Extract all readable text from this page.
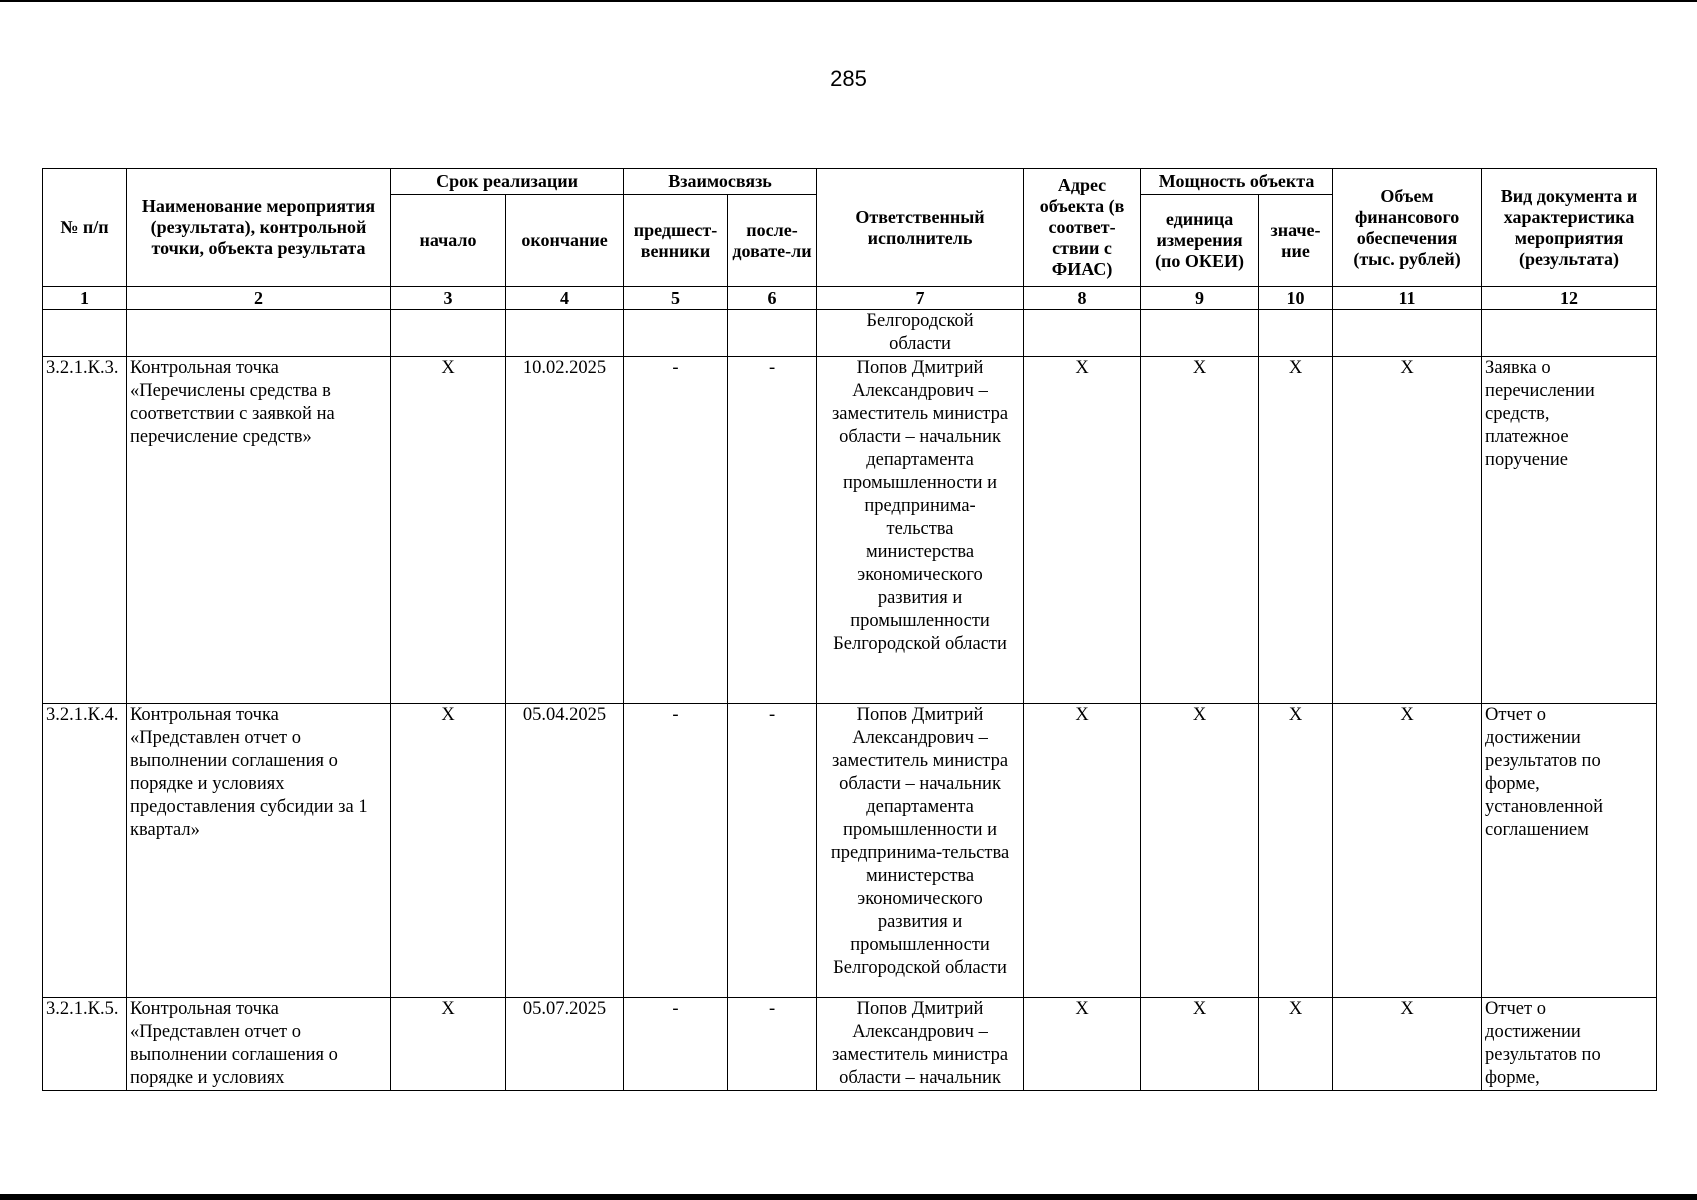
285
№ п/п	Наименование мероприятия (результата), контрольной точки, объекта результата	Срок реализации		Взаимосвязь		Ответственный исполнитель	Адрес объекта (в соответ-ствии с ФИАС)	Мощность объекта		Объем финансового обеспечения (тыс. рублей)	Вид документа и характеристика мероприятия (результата)
		начало	окончание	предшест-венники	после-довате-ли			единица измерения (по ОКЕИ)	значе-ние		
1	2	3	4	5	6	7	8	9	10	11	12
						Белгородской области					
3.2.1.К.3.	Контрольная точка «Перечислены средства в соответствии с заявкой на перечисление средств»	X	10.02.2025	-	-	Попов Дмитрий Александрович – заместитель министра области – начальник департамента промышленности и предпринима-тельства министерства экономического развития и промышленности Белгородской области	X	X	X	X	Заявка о перечислении средств, платежное поручение
3.2.1.К.4.	Контрольная точка «Представлен отчет о выполнении соглашения о порядке и условиях предоставления субсидии за 1 квартал»	X	05.04.2025	-	-	Попов Дмитрий Александрович – заместитель министра области – начальник департамента промышленности и предпринима-тельства министерства экономического развития и промышленности Белгородской области	X	X	X	X	Отчет о достижении результатов по форме, установленной соглашением
3.2.1.К.5.	Контрольная точка «Представлен отчет о выполнении соглашения о порядке и условиях	X	05.07.2025	-	-	Попов Дмитрий Александрович – заместитель министра области – начальник	X	X	X	X	Отчет о достижении результатов по форме,
